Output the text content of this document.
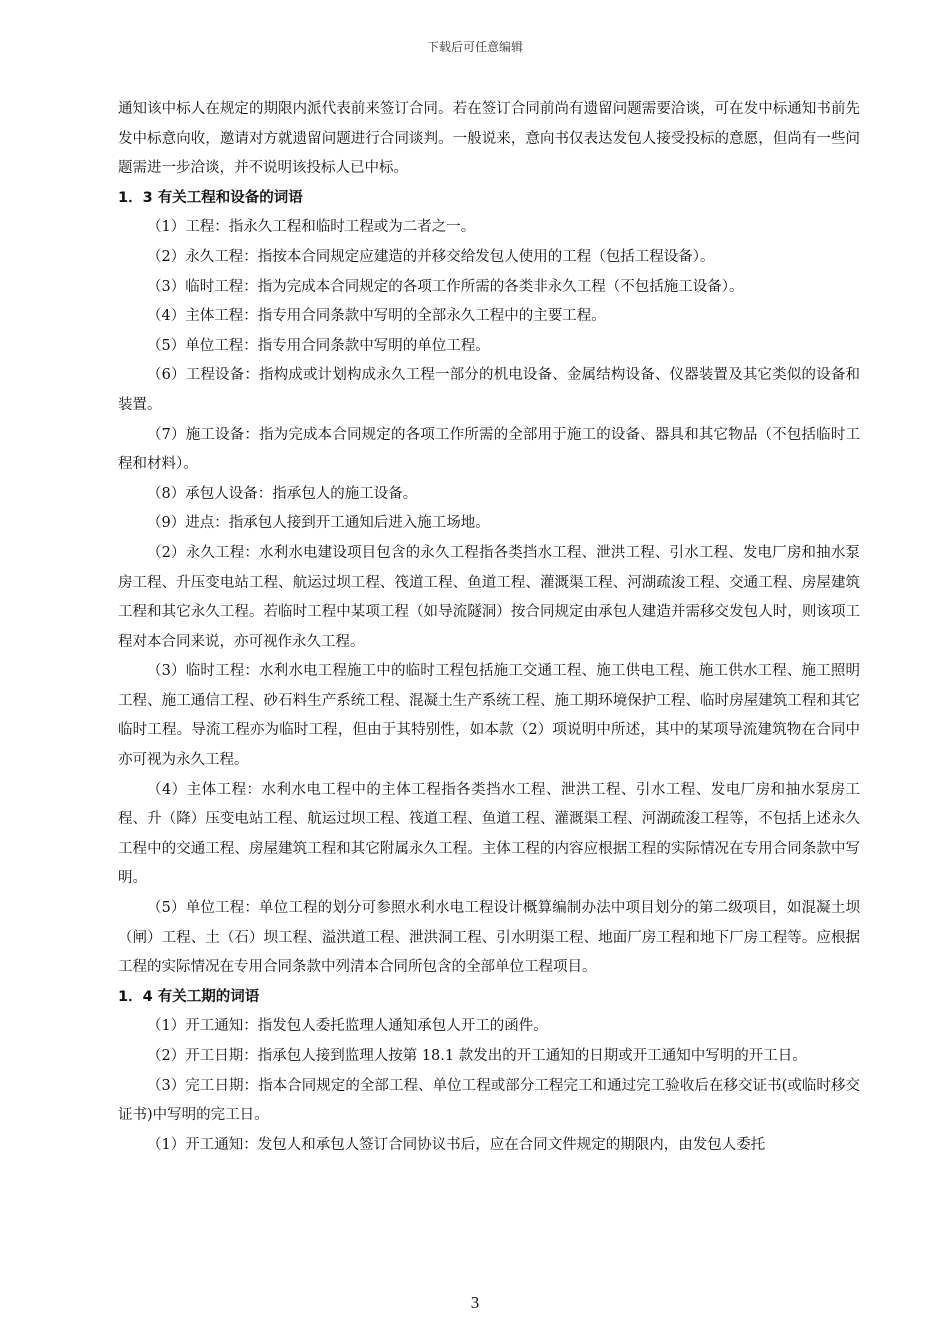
下载后可任意编辑

通知该中标人在规定的期限内派代表前来签订合同。若在签订合同前尚有遗留问题需要洽谈，可在发中标通知书前先发中标意向收，邀请对方就遗留问题进行合同谈判。一般说来，意向书仅表达发包人接受投标的意愿，但尚有一些问题需进一步洽谈，并不说明该投标人已中标。

1．3 有关工程和设备的词语

（1）工程：指永久工程和临时工程或为二者之一。

（2）永久工程：指按本合同规定应建造的并移交给发包人使用的工程（包括工程设备）。

（3）临时工程：指为完成本合同规定的各项工作所需的各类非永久工程（不包括施工设备）。

（4）主体工程：指专用合同条款中写明的全部永久工程中的主要工程。

（5）单位工程：指专用合同条款中写明的单位工程。

（6）工程设备：指构成或计划构成永久工程一部分的机电设备、金属结构设备、仪器装置及其它类似的设备和装置。

（7）施工设备：指为完成本合同规定的各项工作所需的全部用于施工的设备、器具和其它物品（不包括临时工程和材料）。

（8）承包人设备：指承包人的施工设备。

（9）进点：指承包人接到开工通知后进入施工场地。

（2）永久工程：水利水电建设项目包含的永久工程指各类挡水工程、泄洪工程、引水工程、发电厂房和抽水泵房工程、升压变电站工程、航运过坝工程、筏道工程、鱼道工程、灌溉渠工程、河湖疏浚工程、交通工程、房屋建筑工程和其它永久工程。若临时工程中某项工程（如导流隧洞）按合同规定由承包人建造并需移交发包人时，则该项工程对本合同来说，亦可视作永久工程。

（3）临时工程：水利水电工程施工中的临时工程包括施工交通工程、施工供电工程、施工供水工程、施工照明工程、施工通信工程、砂石料生产系统工程、混凝土生产系统工程、施工期环境保护工程、临时房屋建筑工程和其它临时工程。导流工程亦为临时工程，但由于其特别性，如本款（2）项说明中所述，其中的某项导流建筑物在合同中亦可视为永久工程。

（4）主体工程：水利水电工程中的主体工程指各类挡水工程、泄洪工程、引水工程、发电厂房和抽水泵房工程、升（降）压变电站工程、航运过坝工程、筏道工程、鱼道工程、灌溉渠工程、河湖疏浚工程等，不包括上述永久工程中的交通工程、房屋建筑工程和其它附属永久工程。主体工程的内容应根据工程的实际情况在专用合同条款中写明。

（5）单位工程：单位工程的划分可参照水利水电工程设计概算编制办法中项目划分的第二级项目，如混凝土坝（闸）工程、土（石）坝工程、溢洪道工程、泄洪洞工程、引水明渠工程、地面厂房工程和地下厂房工程等。应根据工程的实际情况在专用合同条款中列清本合同所包含的全部单位工程项目。

1．4 有关工期的词语

（1）开工通知：指发包人委托监理人通知承包人开工的函件。

（2）开工日期：指承包人接到监理人按第 18.1 款发出的开工通知的日期或开工通知中写明的开工日。

（3）完工日期：指本合同规定的全部工程、单位工程或部分工程完工和通过完工验收后在移交证书(或临时移交证书)中写明的完工日。

（1）开工通知：发包人和承包人签订合同协议书后，应在合同文件规定的期限内，由发包人委托

3
